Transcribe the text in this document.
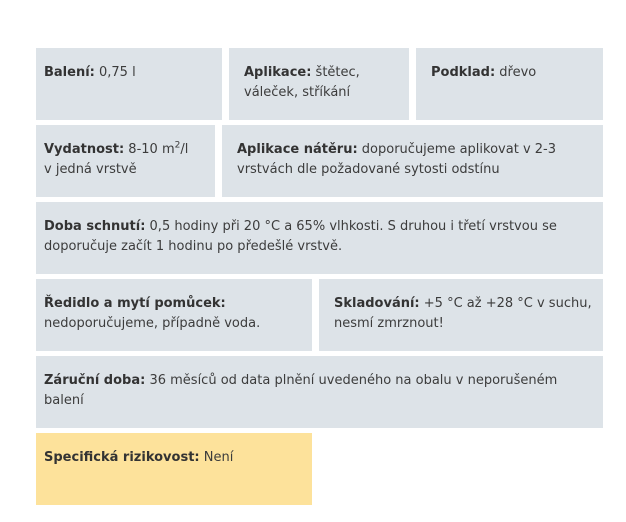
Balení: 0,75 l	Aplikace: štětec, váleček, stříkání
Podklad: dřevo
Vydatnost: 8-10 $m^2/l$ v jedná vrstvě
Aplikace nátěru: doporučujeme aplikovat v 2-3 vrstvách dle požadované sytosti odstínu
Doba schnutí: 0,5 hodiny při 20 °C a 65% vlhkosti. S druhou i třetí vrstvou se doporučuje začít 1 hodinu po předešlé vrstvě.
Ředidlo a mytí pomůcek: nedoporučujeme, případně voda.
Skladování: +5 °C až +28 °C v suchu, nesmí zmrznout!
Záruční doba: 36 měsíců od data plnění uvedeného na obalu v neporušeném balení
Specifická rizikovost: Není
